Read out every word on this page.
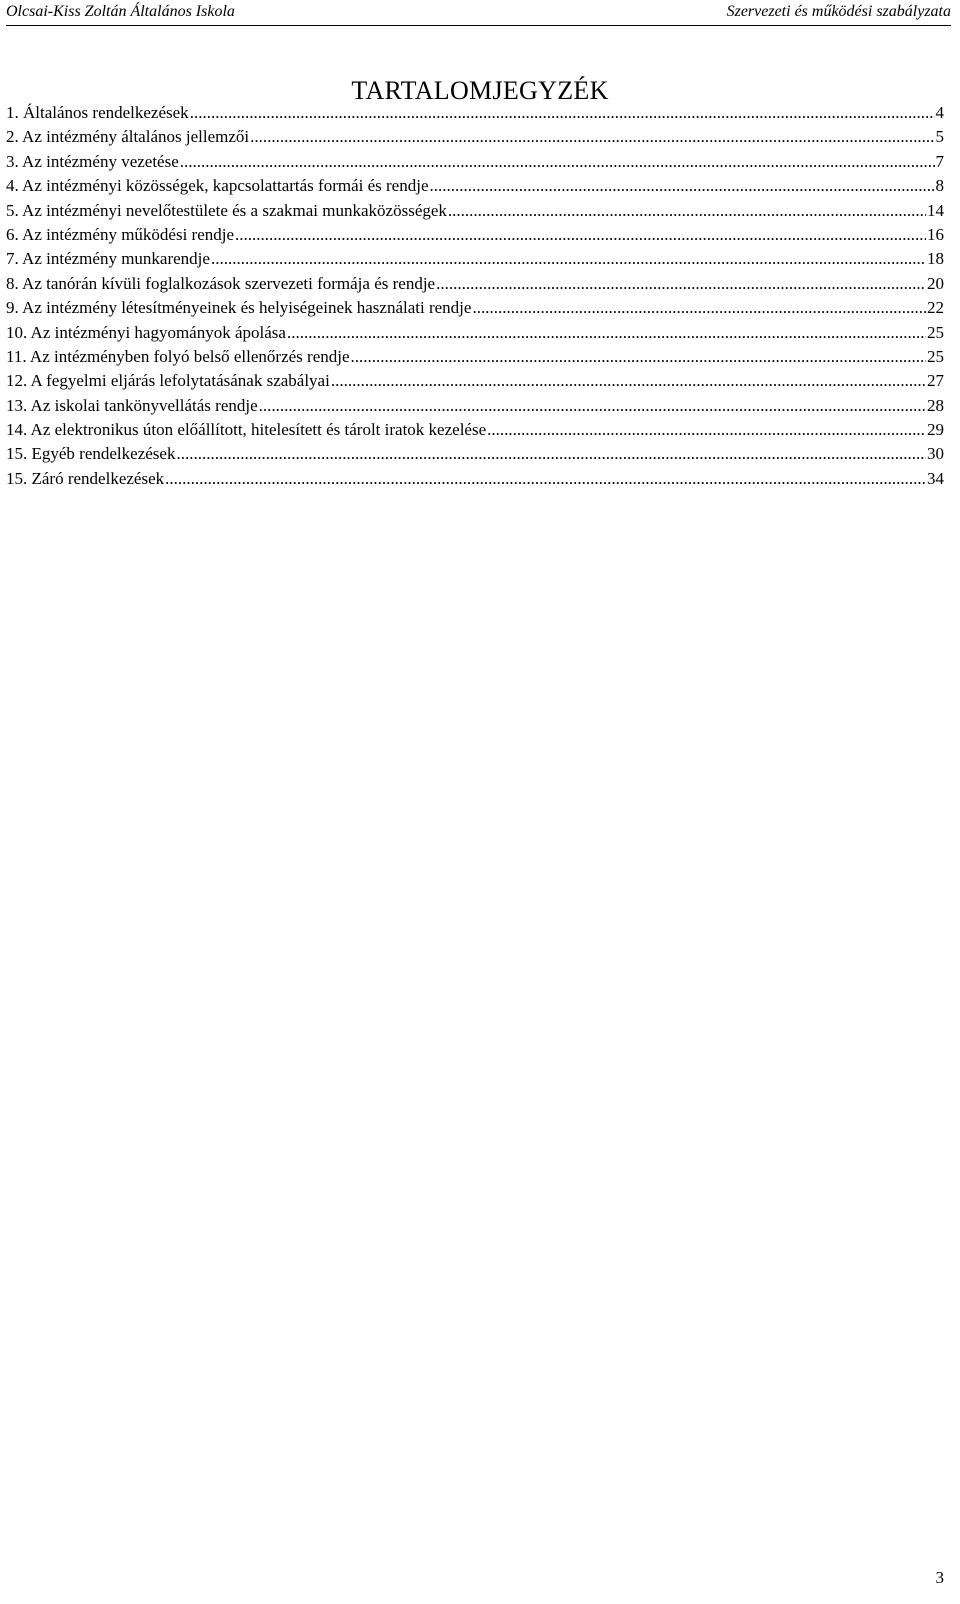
Olcsai-Kiss Zoltán Általános Iskola	Szervezeti és működési szabályzata
TARTALOMJEGYZÉK
1. Általános rendelkezések .....	4
2. Az intézmény általános jellemzői .....	5
3. Az intézmény vezetése .....	7
4. Az intézményi közösségek, kapcsolattartás formái és rendje .....	8
5. Az intézményi nevelőtestülete és a szakmai munkaközösségek .....	14
6. Az intézmény működési rendje .....	16
7. Az intézmény munkarendje .....	18
8. Az tanórán kívüli foglalkozások szervezeti formája és rendje .....	20
9. Az intézmény létesítményeinek és helyiségeinek használati rendje .....	22
10. Az intézményi hagyományok ápolása .....	25
11. Az intézményben folyó belső ellenőrzés rendje .....	25
12. A fegyelmi eljárás lefolytatásának szabályai .....	27
13. Az iskolai tankönyvellátás rendje .....	28
14. Az elektronikus úton előállított, hitelesített és tárolt iratok kezelése .....	29
15. Egyéb rendelkezések .....	30
15. Záró rendelkezések .....	34
3
